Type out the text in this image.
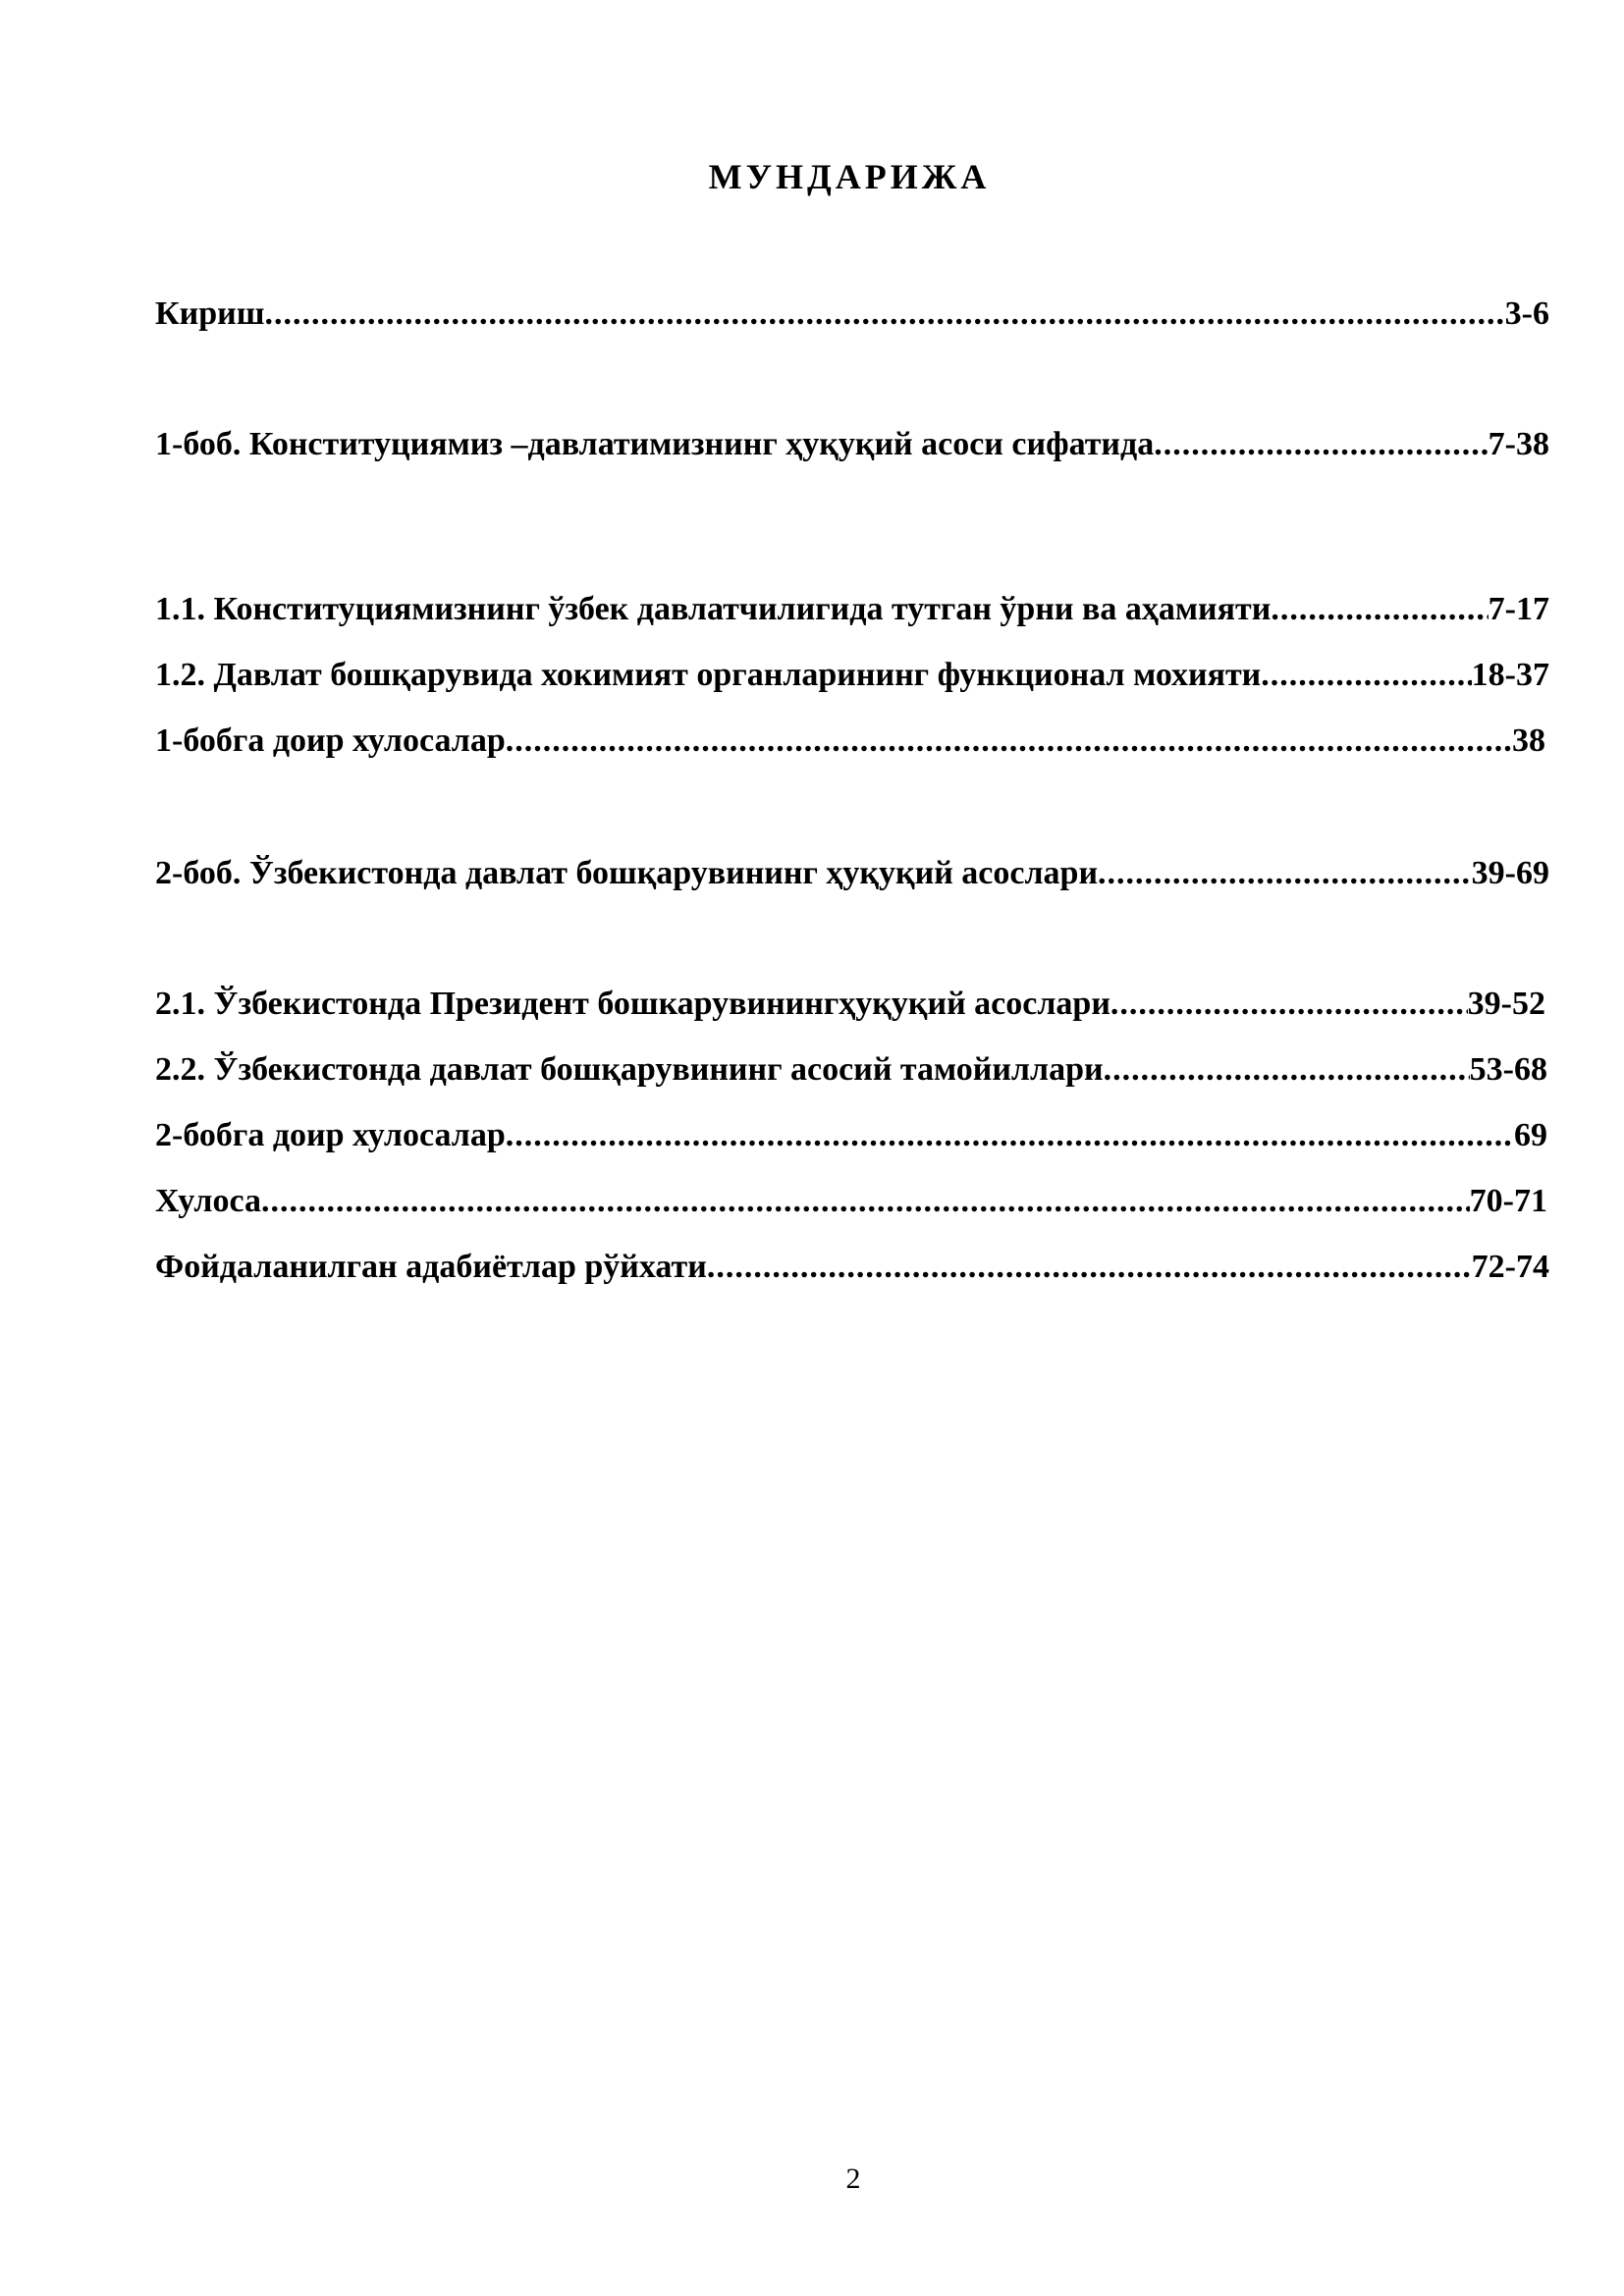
МУНДАРИЖА
Кириш .....	3-6
1-боб. Конституциямиз –давлатимизнинг ҳуқуқий асоси сифатида .....	7-38
1.1. Конституциямизнинг ўзбек давлатчилигида тутган ўрни ва аҳамияти .....	7-17
1.2. Давлат бошқарувида хокимият органларининг функционал мохияти .....	18-37
1-бобга доир хулосалар .....	38
2-боб. Ўзбекистонда давлат бошқарувининг ҳуқуқий асослари .....	39-69
2.1. Ўзбекистонда Президент бошкарувинингҳуқуқий асослари .....	39-52
2.2. Ўзбекистонда давлат бошқарувининг асосий тамойиллари .....	53-68
2-бобга доир хулосалар .....	69
Хулоса .....	70-71
Фойдаланилган адабиётлар рўйхати .....	72-74
2
